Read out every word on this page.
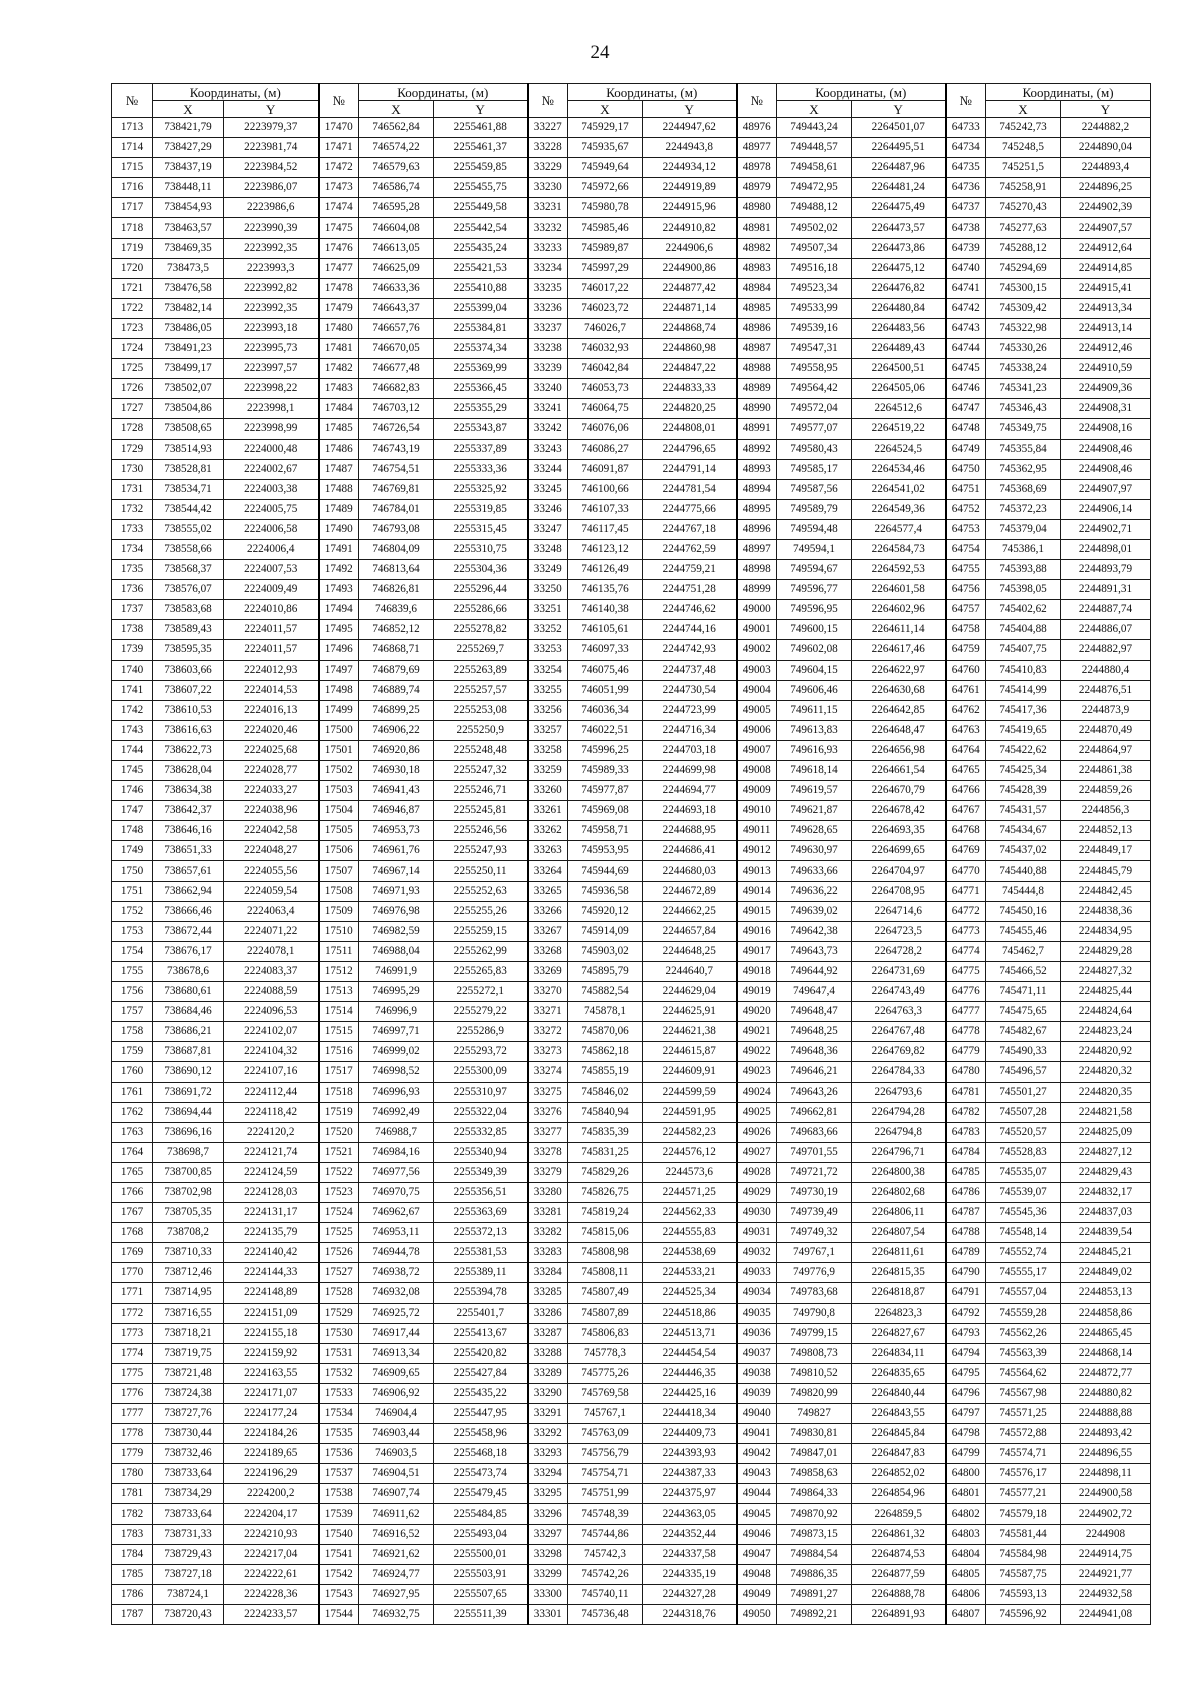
24
№	Координаты, (м)		№	Координаты, (м)		№	Координаты, (м)		№	Координаты, (м)		№	Координаты, (м)	
	X	Y		X	Y		X	Y		X	Y		X	Y
1713	738421,79	2223979,37	17470	746562,84	2255461,88	33227	745929,17	2244947,62	48976	749443,24	2264501,07	64733	745242,73	2244882,2
1714	738427,29	2223981,74	17471	746574,22	2255461,37	33228	745935,67	2244943,8	48977	749448,57	2264495,51	64734	745248,5	2244890,04
1715	738437,19	2223984,52	17472	746579,63	2255459,85	33229	745949,64	2244934,12	48978	749458,61	2264487,96	64735	745251,5	2244893,4
1716	738448,11	2223986,07	17473	746586,74	2255455,75	33230	745972,66	2244919,89	48979	749472,95	2264481,24	64736	745258,91	2244896,25
1717	738454,93	2223986,6	17474	746595,28	2255449,58	33231	745980,78	2244915,96	48980	749488,12	2264475,49	64737	745270,43	2244902,39
1718	738463,57	2223990,39	17475	746604,08	2255442,54	33232	745985,46	2244910,82	48981	749502,02	2264473,57	64738	745277,63	2244907,57
1719	738469,35	2223992,35	17476	746613,05	2255435,24	33233	745989,87	2244906,6	48982	749507,34	2264473,86	64739	745288,12	2244912,64
1720	738473,5	2223993,3	17477	746625,09	2255421,53	33234	745997,29	2244900,86	48983	749516,18	2264475,12	64740	745294,69	2244914,85
1721	738476,58	2223992,82	17478	746633,36	2255410,88	33235	746017,22	2244877,42	48984	749523,34	2264476,82	64741	745300,15	2244915,41
1722	738482,14	2223992,35	17479	746643,37	2255399,04	33236	746023,72	2244871,14	48985	749533,99	2264480,84	64742	745309,42	2244913,34
1723	738486,05	2223993,18	17480	746657,76	2255384,81	33237	746026,7	2244868,74	48986	749539,16	2264483,56	64743	745322,98	2244913,14
1724	738491,23	2223995,73	17481	746670,05	2255374,34	33238	746032,93	2244860,98	48987	749547,31	2264489,43	64744	745330,26	2244912,46
1725	738499,17	2223997,57	17482	746677,48	2255369,99	33239	746042,84	2244847,22	48988	749558,95	2264500,51	64745	745338,24	2244910,59
1726	738502,07	2223998,22	17483	746682,83	2255366,45	33240	746053,73	2244833,33	48989	749564,42	2264505,06	64746	745341,23	2244909,36
1727	738504,86	2223998,1	17484	746703,12	2255355,29	33241	746064,75	2244820,25	48990	749572,04	2264512,6	64747	745346,43	2244908,31
1728	738508,65	2223998,99	17485	746726,54	2255343,87	33242	746076,06	2244808,01	48991	749577,07	2264519,22	64748	745349,75	2244908,16
1729	738514,93	2224000,48	17486	746743,19	2255337,89	33243	746086,27	2244796,65	48992	749580,43	2264524,5	64749	745355,84	2244908,46
1730	738528,81	2224002,67	17487	746754,51	2255333,36	33244	746091,87	2244791,14	48993	749585,17	2264534,46	64750	745362,95	2244908,46
1731	738534,71	2224003,38	17488	746769,81	2255325,92	33245	746100,66	2244781,54	48994	749587,56	2264541,02	64751	745368,69	2244907,97
1732	738544,42	2224005,75	17489	746784,01	2255319,85	33246	746107,33	2244775,66	48995	749589,79	2264549,36	64752	745372,23	2244906,14
1733	738555,02	2224006,58	17490	746793,08	2255315,45	33247	746117,45	2244767,18	48996	749594,48	2264577,4	64753	745379,04	2244902,71
1734	738558,66	2224006,4	17491	746804,09	2255310,75	33248	746123,12	2244762,59	48997	749594,1	2264584,73	64754	745386,1	2244898,01
1735	738568,37	2224007,53	17492	746813,64	2255304,36	33249	746126,49	2244759,21	48998	749594,67	2264592,53	64755	745393,88	2244893,79
1736	738576,07	2224009,49	17493	746826,81	2255296,44	33250	746135,76	2244751,28	48999	749596,77	2264601,58	64756	745398,05	2244891,31
1737	738583,68	2224010,86	17494	746839,6	2255286,66	33251	746140,38	2244746,62	49000	749596,95	2264602,96	64757	745402,62	2244887,74
1738	738589,43	2224011,57	17495	746852,12	2255278,82	33252	746105,61	2244744,16	49001	749600,15	2264611,14	64758	745404,88	2244886,07
1739	738595,35	2224011,57	17496	746868,71	2255269,7	33253	746097,33	2244742,93	49002	749602,08	2264617,46	64759	745407,75	2244882,97
1740	738603,66	2224012,93	17497	746879,69	2255263,89	33254	746075,46	2244737,48	49003	749604,15	2264622,97	64760	745410,83	2244880,4
1741	738607,22	2224014,53	17498	746889,74	2255257,57	33255	746051,99	2244730,54	49004	749606,46	2264630,68	64761	745414,99	2244876,51
1742	738610,53	2224016,13	17499	746899,25	2255253,08	33256	746036,34	2244723,99	49005	749611,15	2264642,85	64762	745417,36	2244873,9
1743	738616,63	2224020,46	17500	746906,22	2255250,9	33257	746022,51	2244716,34	49006	749613,83	2264648,47	64763	745419,65	2244870,49
1744	738622,73	2224025,68	17501	746920,86	2255248,48	33258	745996,25	2244703,18	49007	749616,93	2264656,98	64764	745422,62	2244864,97
1745	738628,04	2224028,77	17502	746930,18	2255247,32	33259	745989,33	2244699,98	49008	749618,14	2264661,54	64765	745425,34	2244861,38
1746	738634,38	2224033,27	17503	746941,43	2255246,71	33260	745977,87	2244694,77	49009	749619,57	2264670,79	64766	745428,39	2244859,26
1747	738642,37	2224038,96	17504	746946,87	2255245,81	33261	745969,08	2244693,18	49010	749621,87	2264678,42	64767	745431,57	2244856,3
1748	738646,16	2224042,58	17505	746953,73	2255246,56	33262	745958,71	2244688,95	49011	749628,65	2264693,35	64768	745434,67	2244852,13
1749	738651,33	2224048,27	17506	746961,76	2255247,93	33263	745953,95	2244686,41	49012	749630,97	2264699,65	64769	745437,02	2244849,17
1750	738657,61	2224055,56	17507	746967,14	2255250,11	33264	745944,69	2244680,03	49013	749633,66	2264704,97	64770	745440,88	2244845,79
1751	738662,94	2224059,54	17508	746971,93	2255252,63	33265	745936,58	2244672,89	49014	749636,22	2264708,95	64771	745444,8	2244842,45
1752	738666,46	2224063,4	17509	746976,98	2255255,26	33266	745920,12	2244662,25	49015	749639,02	2264714,6	64772	745450,16	2244838,36
1753	738672,44	2224071,22	17510	746982,59	2255259,15	33267	745914,09	2244657,84	49016	749642,38	2264723,5	64773	745455,46	2244834,95
1754	738676,17	2224078,1	17511	746988,04	2255262,99	33268	745903,02	2244648,25	49017	749643,73	2264728,2	64774	745462,7	2244829,28
1755	738678,6	2224083,37	17512	746991,9	2255265,83	33269	745895,79	2244640,7	49018	749644,92	2264731,69	64775	745466,52	2244827,32
1756	738680,61	2224088,59	17513	746995,29	2255272,1	33270	745882,54	2244629,04	49019	749647,4	2264743,49	64776	745471,11	2244825,44
1757	738684,46	2224096,53	17514	746996,9	2255279,22	33271	745878,1	2244625,91	49020	749648,47	2264763,3	64777	745475,65	2244824,64
1758	738686,21	2224102,07	17515	746997,71	2255286,9	33272	745870,06	2244621,38	49021	749648,25	2264767,48	64778	745482,67	2244823,24
1759	738687,81	2224104,32	17516	746999,02	2255293,72	33273	745862,18	2244615,87	49022	749648,36	2264769,82	64779	745490,33	2244820,92
1760	738690,12	2224107,16	17517	746998,52	2255300,09	33274	745855,19	2244609,91	49023	749646,21	2264784,33	64780	745496,57	2244820,32
1761	738691,72	2224112,44	17518	746996,93	2255310,97	33275	745846,02	2244599,59	49024	749643,26	2264793,6	64781	745501,27	2244820,35
1762	738694,44	2224118,42	17519	746992,49	2255322,04	33276	745840,94	2244591,95	49025	749662,81	2264794,28	64782	745507,28	2244821,58
1763	738696,16	2224120,2	17520	746988,7	2255332,85	33277	745835,39	2244582,23	49026	749683,66	2264794,8	64783	745520,57	2244825,09
1764	738698,7	2224121,74	17521	746984,16	2255340,94	33278	745831,25	2244576,12	49027	749701,55	2264796,71	64784	745528,83	2244827,12
1765	738700,85	2224124,59	17522	746977,56	2255349,39	33279	745829,26	2244573,6	49028	749721,72	2264800,38	64785	745535,07	2244829,43
1766	738702,98	2224128,03	17523	746970,75	2255356,51	33280	745826,75	2244571,25	49029	749730,19	2264802,68	64786	745539,07	2244832,17
1767	738705,35	2224131,17	17524	746962,67	2255363,69	33281	745819,24	2244562,33	49030	749739,49	2264806,11	64787	745545,36	2244837,03
1768	738708,2	2224135,79	17525	746953,11	2255372,13	33282	745815,06	2244555,83	49031	749749,32	2264807,54	64788	745548,14	2244839,54
1769	738710,33	2224140,42	17526	746944,78	2255381,53	33283	745808,98	2244538,69	49032	749767,1	2264811,61	64789	745552,74	2244845,21
1770	738712,46	2224144,33	17527	746938,72	2255389,11	33284	745808,11	2244533,21	49033	749776,9	2264815,35	64790	745555,17	2244849,02
1771	738714,95	2224148,89	17528	746932,08	2255394,78	33285	745807,49	2244525,34	49034	749783,68	2264818,87	64791	745557,04	2244853,13
1772	738716,55	2224151,09	17529	746925,72	2255401,7	33286	745807,89	2244518,86	49035	749790,8	2264823,3	64792	745559,28	2244858,86
1773	738718,21	2224155,18	17530	746917,44	2255413,67	33287	745806,83	2244513,71	49036	749799,15	2264827,67	64793	745562,26	2244865,45
1774	738719,75	2224159,92	17531	746913,34	2255420,82	33288	745778,3	2244454,54	49037	749808,73	2264834,11	64794	745563,39	2244868,14
1775	738721,48	2224163,55	17532	746909,65	2255427,84	33289	745775,26	2244446,35	49038	749810,52	2264835,65	64795	745564,62	2244872,77
1776	738724,38	2224171,07	17533	746906,92	2255435,22	33290	745769,58	2244425,16	49039	749820,99	2264840,44	64796	745567,98	2244880,82
1777	738727,76	2224177,24	17534	746904,4	2255447,95	33291	745767,1	2244418,34	49040	749827	2264843,55	64797	745571,25	2244888,88
1778	738730,44	2224184,26	17535	746903,44	2255458,96	33292	745763,09	2244409,73	49041	749830,81	2264845,84	64798	745572,88	2244893,42
1779	738732,46	2224189,65	17536	746903,5	2255468,18	33293	745756,79	2244393,93	49042	749847,01	2264847,83	64799	745574,71	2244896,55
1780	738733,64	2224196,29	17537	746904,51	2255473,74	33294	745754,71	2244387,33	49043	749858,63	2264852,02	64800	745576,17	2244898,11
1781	738734,29	2224200,2	17538	746907,74	2255479,45	33295	745751,99	2244375,97	49044	749864,33	2264854,96	64801	745577,21	2244900,58
1782	738733,64	2224204,17	17539	746911,62	2255484,85	33296	745748,39	2244363,05	49045	749870,92	2264859,5	64802	745579,18	2244902,72
1783	738731,33	2224210,93	17540	746916,52	2255493,04	33297	745744,86	2244352,44	49046	749873,15	2264861,32	64803	745581,44	2244908
1784	738729,43	2224217,04	17541	746921,62	2255500,01	33298	745742,3	2244337,58	49047	749884,54	2264874,53	64804	745584,98	2244914,75
1785	738727,18	2224222,61	17542	746924,77	2255503,91	33299	745742,26	2244335,19	49048	749886,35	2264877,59	64805	745587,75	2244921,77
1786	738724,1	2224228,36	17543	746927,95	2255507,65	33300	745740,11	2244327,28	49049	749891,27	2264888,78	64806	745593,13	2244932,58
1787	738720,43	2224233,57	17544	746932,75	2255511,39	33301	745736,48	2244318,76	49050	749892,21	2264891,93	64807	745596,92	2244941,08
